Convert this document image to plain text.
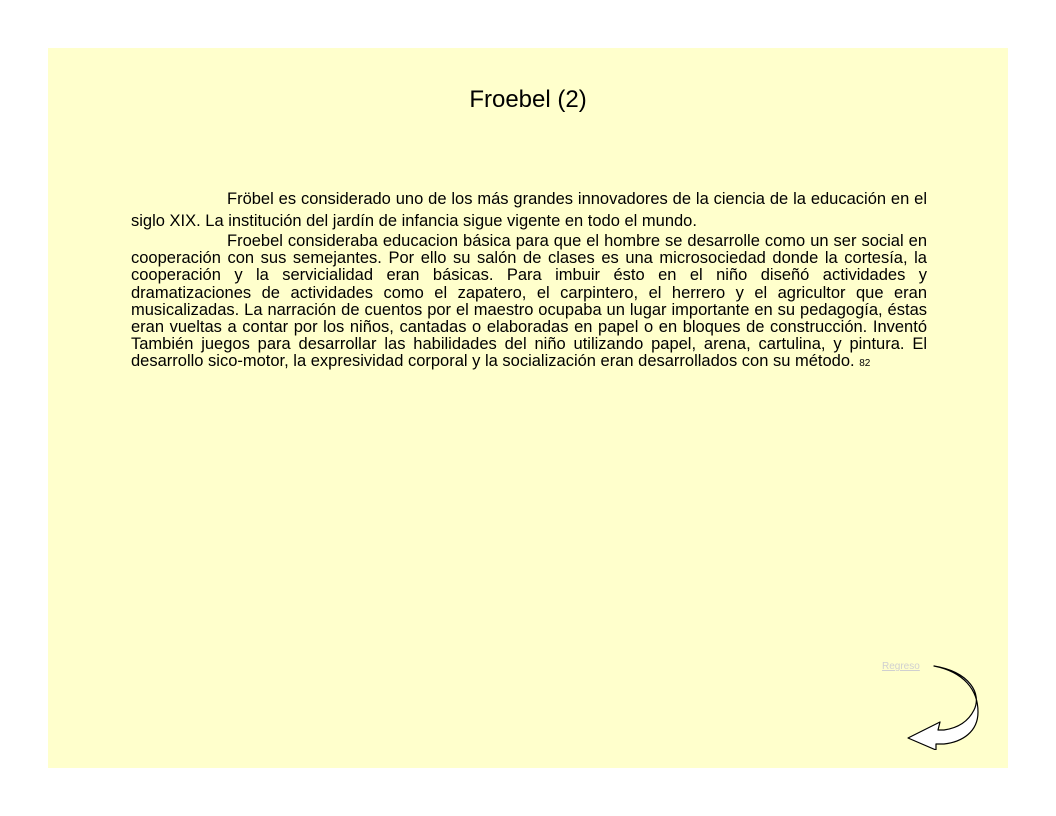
Froebel (2)

Fröbel es considerado uno de los más grandes innovadores de la ciencia de la educación en el siglo XIX. La institución del jardín de infancia sigue vigente en todo el mundo.

Froebel consideraba educacion básica para que el hombre se desarrolle como un ser social en cooperación con sus semejantes. Por ello su salón de clases es una microsociedad donde la cortesía, la cooperación y la servicialidad eran básicas. Para imbuir ésto en el niño diseñó actividades y dramatizaciones de actividades como el zapatero, el carpintero, el herrero y el agricultor que eran musicalizadas. La narración de cuentos por el maestro ocupaba un lugar importante en su pedagogía, éstas eran vueltas a contar por los niños, cantadas o elaboradas en papel o en bloques de construcción. Inventó También juegos para desarrollar las habilidades del niño utilizando papel, arena, cartulina, y pintura. El desarrollo sico-motor, la expresividad corporal y la socialización eran desarrollados con su método. 82

Regreso
